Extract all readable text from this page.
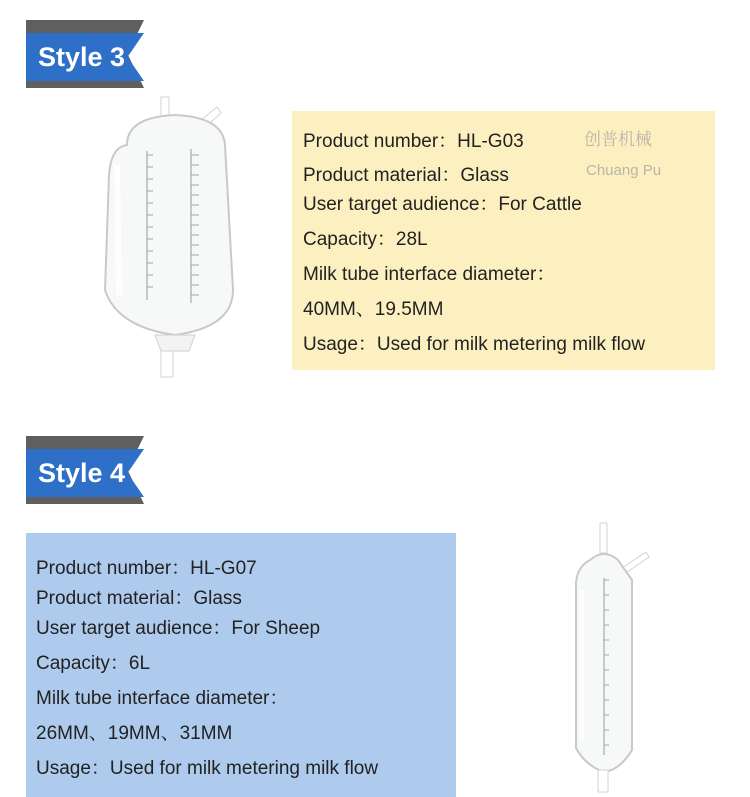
Style 3
Product number：HL-G03
Product material：Glass
User target audience：For Cattle
Capacity：28L
Milk tube interface diameter：
40MM、19.5MM
Usage：Used for milk metering milk flow
创普机械
Chuang Pu
Style 4
Product number：HL-G07
Product material：Glass
User target audience：For Sheep
Capacity：6L
Milk tube interface diameter：
26MM、19MM、31MM
Usage：Used for milk metering milk flow
